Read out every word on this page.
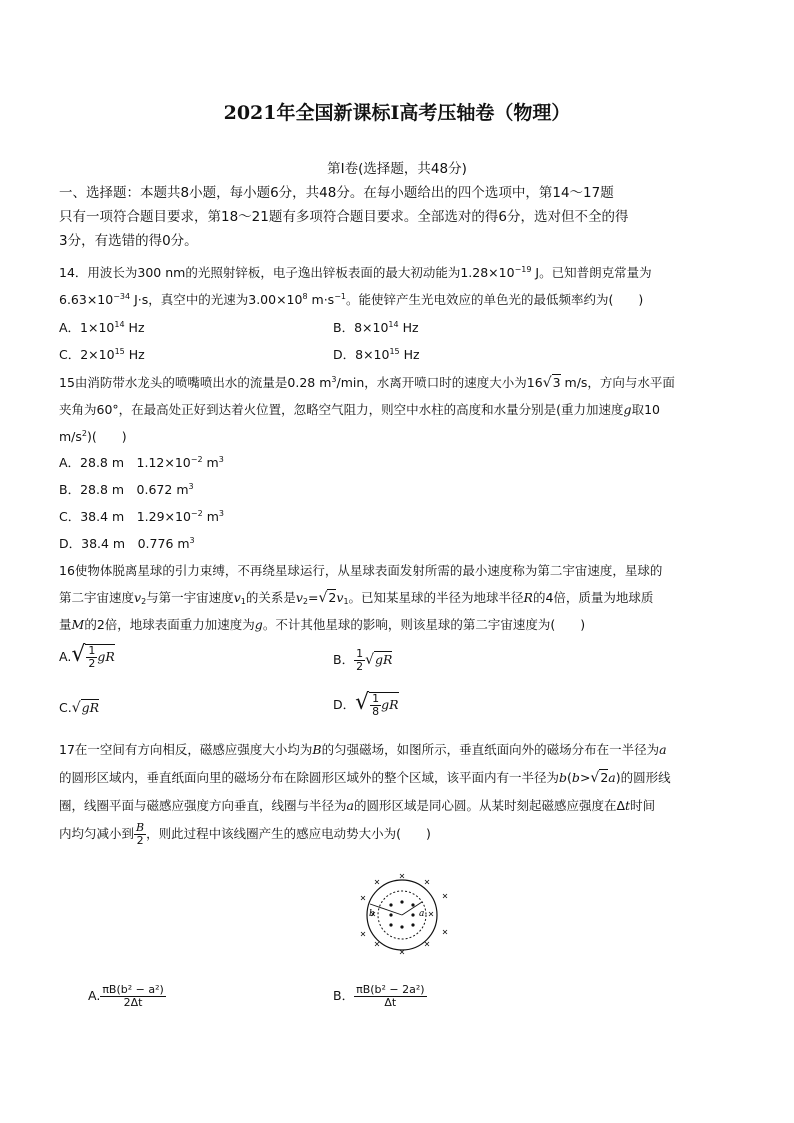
2021年全国新课标Ⅰ高考压轴卷（物理）
第Ⅰ卷(选择题，共48分)
一、选择题：本题共8小题，每小题6分，共48分。在每小题给出的四个选项中，第14～17题
只有一项符合题目要求，第18～21题有多项符合题目要求。全部选对的得6分，选对但不全的得
3分，有选错的得0分。
14．用波长为300 nm的光照射锌板，电子逸出锌板表面的最大初动能为$1.28\times 10^{-19}$ J。已知普朗克常量为
$6.63\times 10^{-34}$ J·s，真空中的光速为$3.00\times 10^8$ $m\cdot s^{-1}$。能使锌产生光电效应的单色光的最低频率约为(　　)
A．$1\times 10^{14}$ Hz	B．$8\times 10^{14}$ Hz
C．$2\times 10^{15}$ Hz	D．$8\times 10^{15}$ Hz
15由消防带水龙头的喷嘴喷出水的流量是0.28 $m^3/\min$，水离开喷口时的速度大小为16√3 m/s，方向与水平面
夹角为60°，在最高处正好到达着火位置，忽略空气阻力，则空中水柱的高度和水量分别是(重力加速度g取10
$m/s^2$)(　　)
A．28.8 m　$1.12\times 10^{-2}$ $m^3$
B．28.8 m　0.672 $m^3$
C．38.4 m　$1.29\times 10^{-2}$ $m^3$
D．38.4 m　0.776 $m^3$
16使物体脱离星球的引力束缚，不再绕星球运行，从星球表面发射所需的最小速度称为第二宇宙速度，星球的
第二宇宙速度$v_2$与第一宇宙速度$v_1$的关系是$v_2=√2v_1$。已知某星球的半径为地球半径R的4倍，质量为地球质
量M的2倍，地球表面重力加速度为g。不计其他星球的影响，则该星球的第二宇宙速度为(　　)
$A.√ \frac{1}{2}$ gR	B． $\frac{1}{2} √gR$
C.√gR	D．√ $\frac{1}{8}$ gR
17在一空间有方向相反，磁感应强度大小均为B的匀强磁场，如图所示，垂直纸面向外的磁场分布在一半径为a
的圆形区域内，垂直纸面向里的磁场分布在除圆形区域外的整个区域，该平面内有一半径为b(b>√2a)的圆形线
圈，线圈平面与磁感应强度方向垂直，线圈与半径为a的圆形区域是同心圆。从某时刻起磁感应强度在Δt时间
内均匀减小到 $\frac{B}{2}$ ，则此过程中该线圈产生的感应电动势大小为(　　)
b	a
A. $\frac{\text{πB(b² − a²)}}{2\Delta t}$	B． $\frac{\text{πB(b² − 2a²)}}{\Delta t}$
